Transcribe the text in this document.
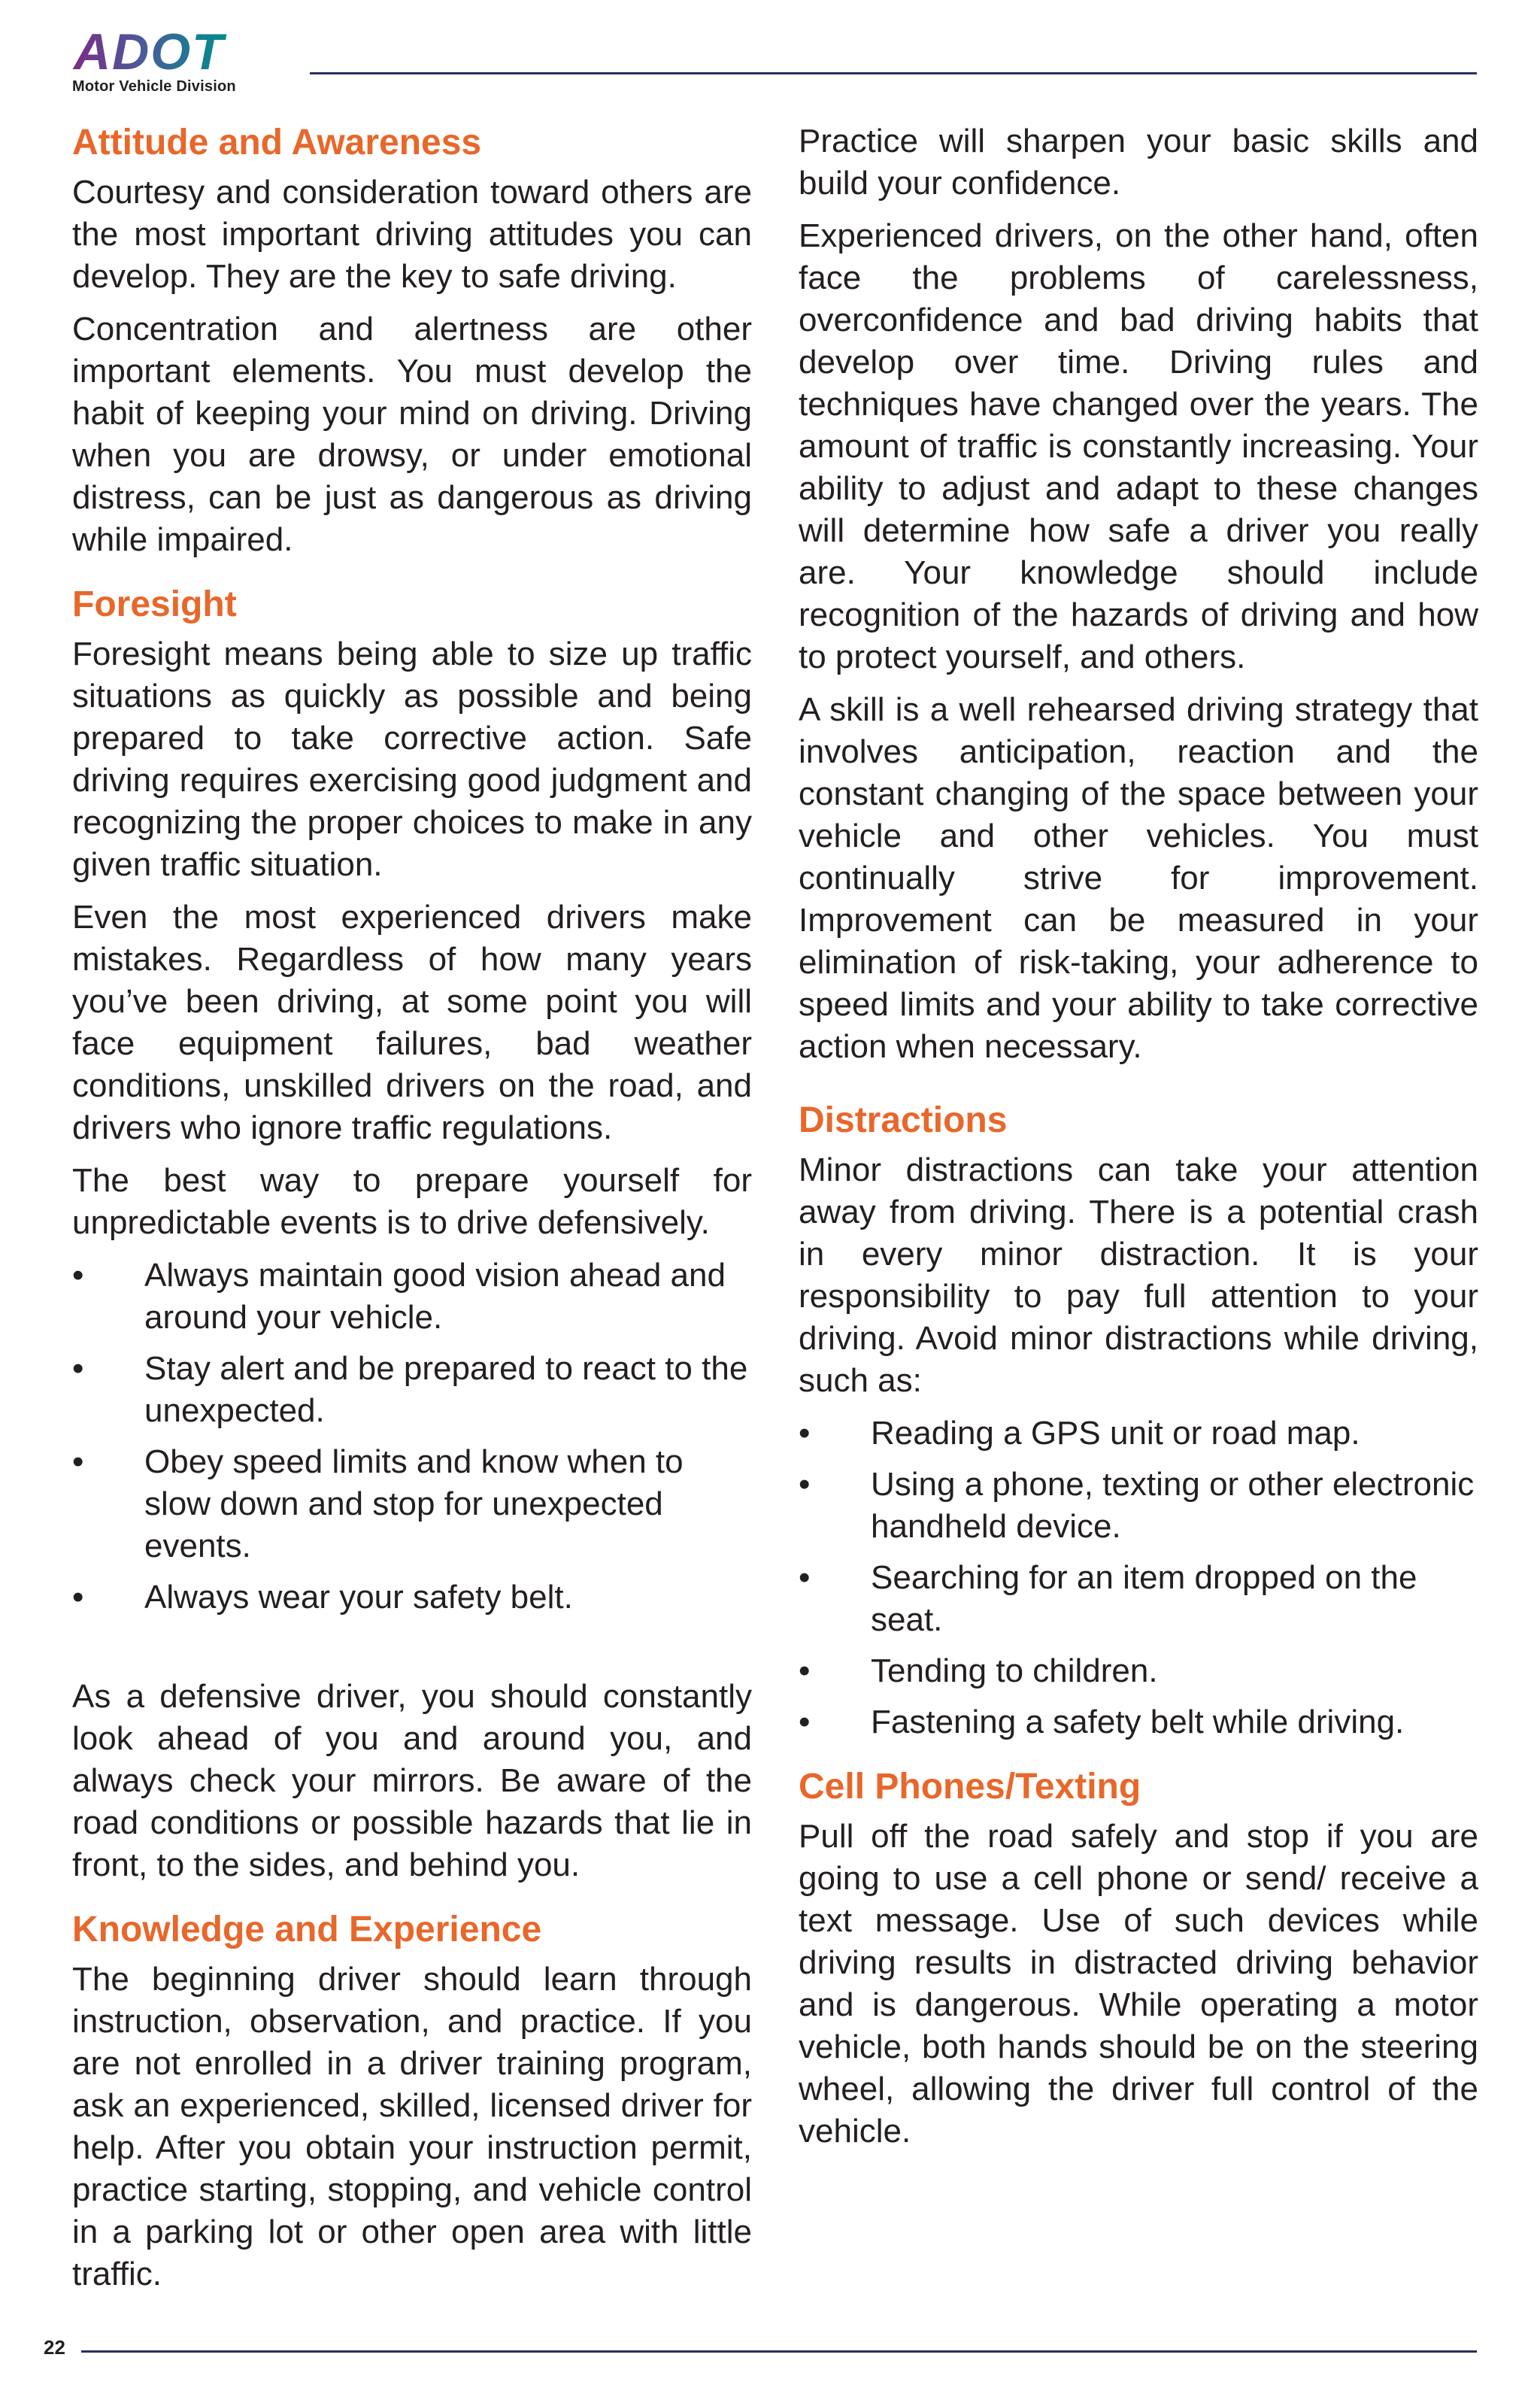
ADOT
Motor Vehicle Division
Attitude and Awareness

Courtesy and consideration toward others are the most important driving attitudes you can develop. They are the key to safe driving.

Concentration and alertness are other important elements. You must develop the habit of keeping your mind on driving. Driving when you are drowsy, or under emotional distress, can be just as dangerous as driving while impaired.

Foresight

Foresight means being able to size up traffic situations as quickly as possible and being prepared to take corrective action. Safe driving requires exercising good judgment and recognizing the proper choices to make in any given traffic situation.

Even the most experienced drivers make mistakes. Regardless of how many years you’ve been driving, at some point you will face equipment failures, bad weather conditions, unskilled drivers on the road, and drivers who ignore traffic regulations.

The best way to prepare yourself for unpredictable events is to drive defensively.

• Always maintain good vision ahead and around your vehicle.
• Stay alert and be prepared to react to the unexpected.
• Obey speed limits and know when to slow down and stop for unexpected events.
• Always wear your safety belt.

As a defensive driver, you should constantly look ahead of you and around you, and always check your mirrors. Be aware of the road conditions or possible hazards that lie in front, to the sides, and behind you.

Knowledge and Experience

The beginning driver should learn through instruction, observation, and practice. If you are not enrolled in a driver training program, ask an experienced, skilled, licensed driver for help. After you obtain your instruction permit, practice starting, stopping, and vehicle control in a parking lot or other open area with little traffic.

Practice will sharpen your basic skills and build your confidence.

Experienced drivers, on the other hand, often face the problems of carelessness, overconfidence and bad driving habits that develop over time. Driving rules and techniques have changed over the years. The amount of traffic is constantly increasing. Your ability to adjust and adapt to these changes will determine how safe a driver you really are. Your knowledge should include recognition of the hazards of driving and how to protect yourself, and others.

A skill is a well rehearsed driving strategy that involves anticipation, reaction and the constant changing of the space between your vehicle and other vehicles. You must continually strive for improvement. Improvement can be measured in your elimination of risk-taking, your adherence to speed limits and your ability to take corrective action when necessary.

Distractions

Minor distractions can take your attention away from driving. There is a potential crash in every minor distraction. It is your responsibility to pay full attention to your driving. Avoid minor distractions while driving, such as:

• Reading a GPS unit or road map.
• Using a phone, texting or other electronic handheld device.
• Searching for an item dropped on the seat.
• Tending to children.
• Fastening a safety belt while driving.
Cell Phones/Texting

Pull off the road safely and stop if you are going to use a cell phone or send/ receive a text message. Use of such devices while driving results in distracted driving behavior and is dangerous. While operating a motor vehicle, both hands should be on the steering wheel, allowing the driver full control of the vehicle.

22
